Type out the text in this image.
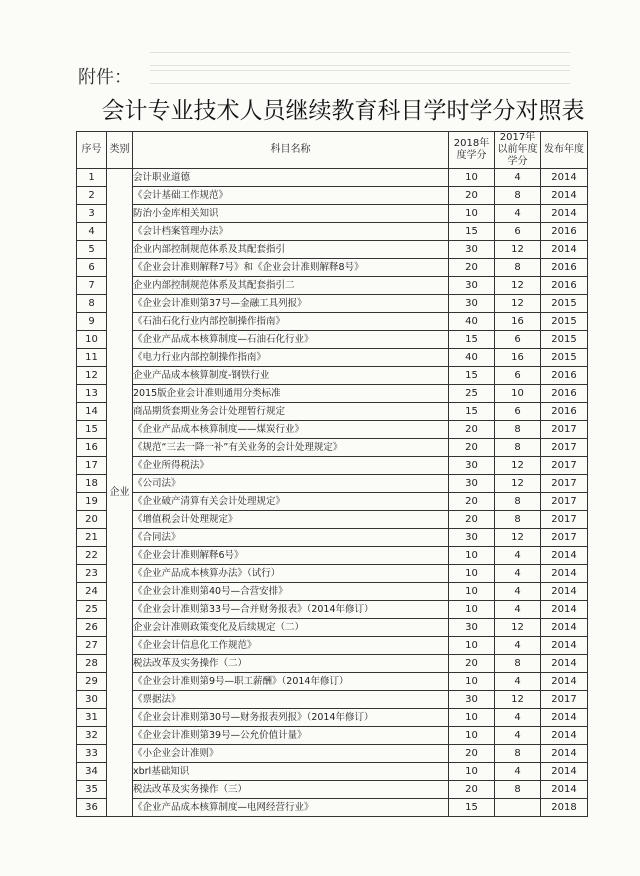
附件：
会计专业技术人员继续教育科目学时学分对照表
序号	类别	科目名称	2018年度学分	2017年以前年度学分	发布年度
1	企业	会计职业道德	10	4	2014
2		《会计基础工作规范》	20	8	2014
3		防治小金库相关知识	10	4	2014
4		《会计档案管理办法》	15	6	2016
5		企业内部控制规范体系及其配套指引	30	12	2014
6		《企业会计准则解释7号》和《企业会计准则解释8号》	20	8	2016
7		企业内部控制规范体系及其配套指引二	30	12	2016
8		《企业会计准则第37号—金融工具列报》	30	12	2015
9		《石油石化行业内部控制操作指南》	40	16	2015
10		《企业产品成本核算制度—石油石化行业》	15	6	2015
11		《电力行业内部控制操作指南》	40	16	2015
12		企业产品成本核算制度-钢铁行业	15	6	2016
13		2015版企业会计准则通用分类标准	25	10	2016
14		商品期货套期业务会计处理暂行规定	15	6	2016
15		《企业产品成本核算制度——煤炭行业》	20	8	2017
16		《规范“三去一降一补”有关业务的会计处理规定》	20	8	2017
17		《企业所得税法》	30	12	2017
18		《公司法》	30	12	2017
19		《企业破产清算有关会计处理规定》	20	8	2017
20		《增值税会计处理规定》	20	8	2017
21		《合同法》	30	12	2017
22		《企业会计准则解释6号》	10	4	2014
23		《企业产品成本核算办法》（试行）	10	4	2014
24		《企业会计准则第40号—合营安排》	10	4	2014
25		《企业会计准则第33号—合并财务报表》（2014年修订）	10	4	2014
26		企业会计准则政策变化及后续规定（二）	30	12	2014
27		《企业会计信息化工作规范》	10	4	2014
28		税法改革及实务操作（二）	20	8	2014
29		《企业会计准则第9号—职工薪酬》（2014年修订）	10	4	2014
30		《票据法》	30	12	2017
31		《企业会计准则第30号—财务报表列报》（2014年修订）	10	4	2014
32		《企业会计准则第39号—公允价值计量》	10	4	2014
33		《小企业会计准则》	20	8	2014
34		xbrl基础知识	10	4	2014
35		税法改革及实务操作（三）	20	8	2014
36		《企业产品成本核算制度—电网经营行业》	15		2018
